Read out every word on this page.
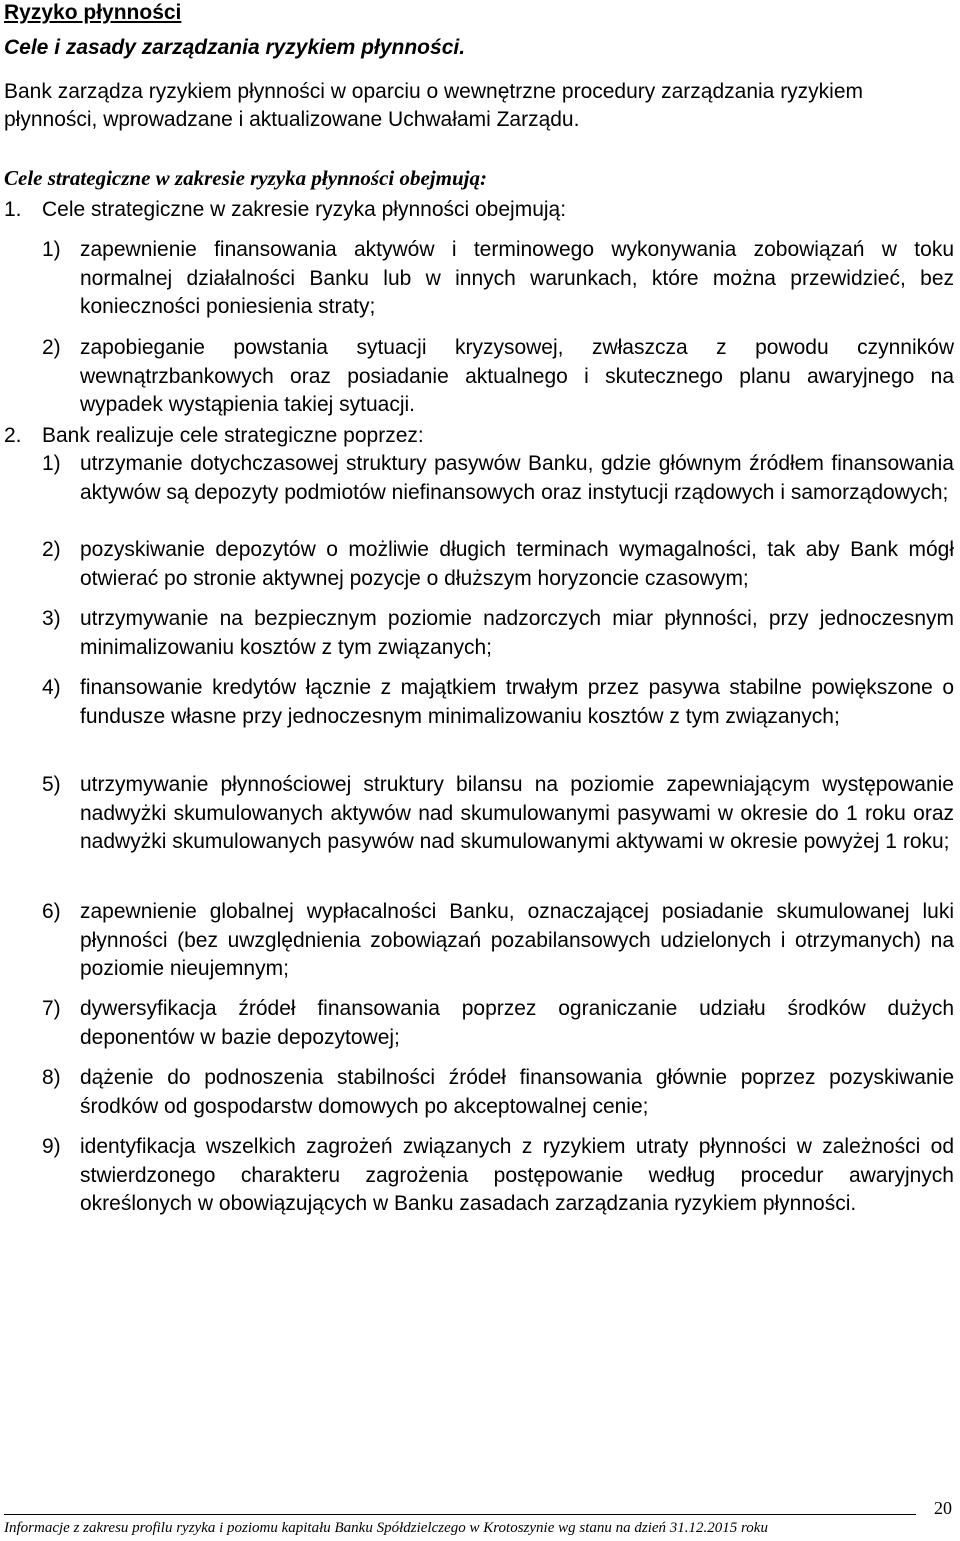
Ryzyko płynności
Cele i zasady zarządzania ryzykiem płynności.
Bank zarządza ryzykiem płynności w oparciu o wewnętrzne procedury zarządzania ryzykiem płynności, wprowadzane i aktualizowane Uchwałami Zarządu.
Cele strategiczne w zakresie ryzyka płynności obejmują:
1. Cele strategiczne w zakresie ryzyka płynności obejmują:
1) zapewnienie finansowania aktywów i terminowego wykonywania zobowiązań w toku normalnej działalności Banku lub w innych warunkach, które można przewidzieć, bez konieczności poniesienia straty;
2) zapobieganie powstania sytuacji kryzysowej, zwłaszcza z powodu czynników wewnątrzbankowych oraz posiadanie aktualnego i skutecznego planu awaryjnego na wypadek wystąpienia takiej sytuacji.
2. Bank realizuje cele strategiczne poprzez:
1) utrzymanie dotychczasowej struktury pasywów Banku, gdzie głównym źródłem finansowania aktywów są depozyty podmiotów niefinansowych oraz instytucji rządowych i samorządowych;
2) pozyskiwanie depozytów o możliwie długich terminach wymagalności, tak aby Bank mógł otwierać po stronie aktywnej pozycje o dłuższym horyzoncie czasowym;
3) utrzymywanie na bezpiecznym poziomie nadzorczych miar płynności, przy jednoczesnym minimalizowaniu kosztów z tym związanych;
4) finansowanie kredytów łącznie z majątkiem trwałym przez pasywa stabilne powiększone o fundusze własne przy jednoczesnym minimalizowaniu kosztów z tym związanych;
5) utrzymywanie płynnościowej struktury bilansu na poziomie zapewniającym występowanie nadwyżki skumulowanych aktywów nad skumulowanymi pasywami w okresie do 1 roku oraz nadwyżki skumulowanych pasywów nad skumulowanymi aktywami w okresie powyżej 1 roku;
6) zapewnienie globalnej wypłacalności Banku, oznaczającej posiadanie skumulowanej luki płynności (bez uwzględnienia zobowiązań pozabilansowych udzielonych i otrzymanych) na poziomie nieujemnym;
7) dywersyfikacja źródeł finansowania poprzez ograniczanie udziału środków dużych deponentów w bazie depozytowej;
8) dążenie do podnoszenia stabilności źródeł finansowania głównie poprzez pozyskiwanie środków od gospodarstw domowych po akceptowalnej cenie;
9) identyfikacja wszelkich zagrożeń związanych z ryzykiem utraty płynności w zależności od stwierdzonego charakteru zagrożenia postępowanie według procedur awaryjnych określonych w obowiązujących w Banku zasadach zarządzania ryzykiem płynności.
20
Informacje z zakresu profilu ryzyka i poziomu kapitału Banku Spółdzielczego w Krotoszynie wg stanu na dzień 31.12.2015 roku
